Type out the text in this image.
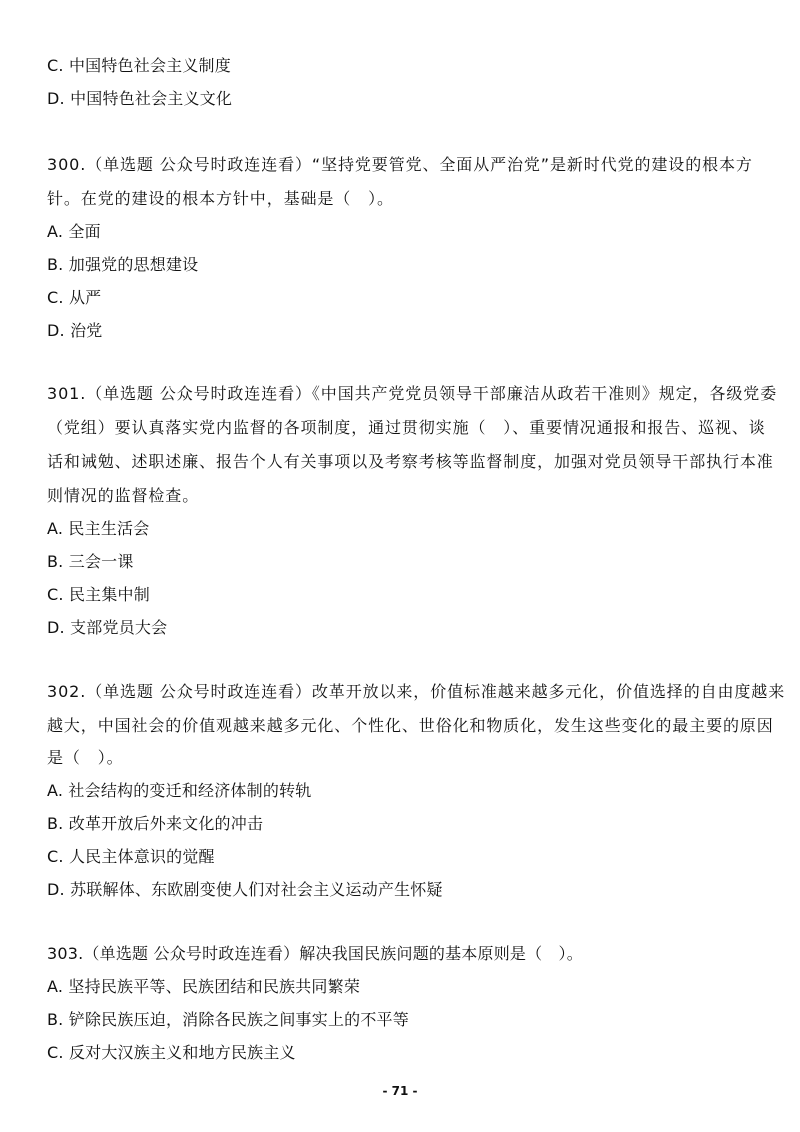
C. 中国特色社会主义制度
D. 中国特色社会主义文化
300.（单选题 公众号时政连连看）“坚持党要管党、全面从严治党”是新时代党的建设的根本方
针。在党的建设的根本方针中，基础是（　）。
A. 全面
B. 加强党的思想建设
C. 从严
D. 治党
301.（单选题 公众号时政连连看）《中国共产党党员领导干部廉洁从政若干准则》规定，各级党委
（党组）要认真落实党内监督的各项制度，通过贯彻实施（　）、重要情况通报和报告、巡视、谈
话和诫勉、述职述廉、报告个人有关事项以及考察考核等监督制度，加强对党员领导干部执行本准
则情况的监督检查。
A. 民主生活会
B. 三会一课
C. 民主集中制
D. 支部党员大会
302.（单选题 公众号时政连连看）改革开放以来，价值标准越来越多元化，价值选择的自由度越来
越大，中国社会的价值观越来越多元化、个性化、世俗化和物质化，发生这些变化的最主要的原因
是（　）。
A. 社会结构的变迁和经济体制的转轨
B. 改革开放后外来文化的冲击
C. 人民主体意识的觉醒
D. 苏联解体、东欧剧变使人们对社会主义运动产生怀疑
303.（单选题 公众号时政连连看）解决我国民族问题的基本原则是（　）。
A. 坚持民族平等、民族团结和民族共同繁荣
B. 铲除民族压迫，消除各民族之间事实上的不平等
C. 反对大汉族主义和地方民族主义
- 71 -
